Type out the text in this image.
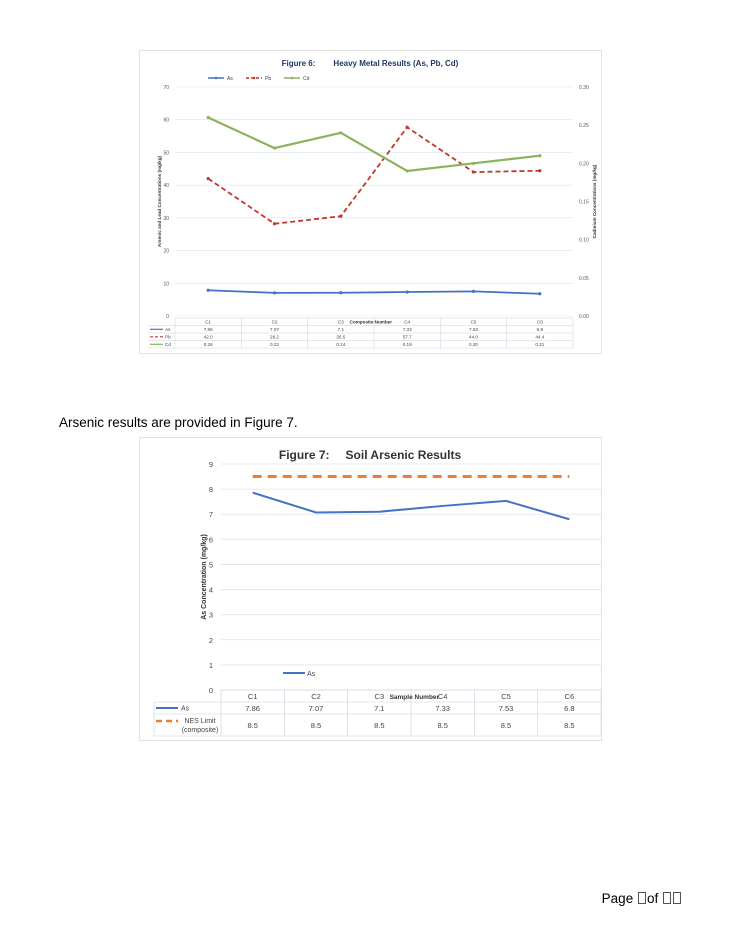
Figure 6: Heavy Metal Results (As, Pb, Cd)
As	Pb	Cd
0
10
20
30
40
50
60
70
0.00
0.05
0.10
0.15
0.20
0.25
0.30
Arsenic and Lead Concentrations (mg/kg)	Cadmium Concentrations (mg/kg)
C1	C2	C3	C4	C5	C6
Composite Number
As	7.86	7.07	7.1	7.33	7.53	6.8
Pb	42.0	28.2	30.5	57.7	44.0	44.4
Cd	0.26	0.22	0.24	0.19	0.20	0.21
Arsenic results are provided in Figure 7.
Figure 7: Soil Arsenic Results
0
1
2
3
4
5
6
7
8
9
As Concentration (mg/kg)
As
C1	C2	C3	C4	C5	C6
Sample Number
As	7.86	7.07	7.1	7.33	7.53	6.8
NES Limit
(composite)
8.5	8.5	8.5	8.5	8.5	8.5
Page of
